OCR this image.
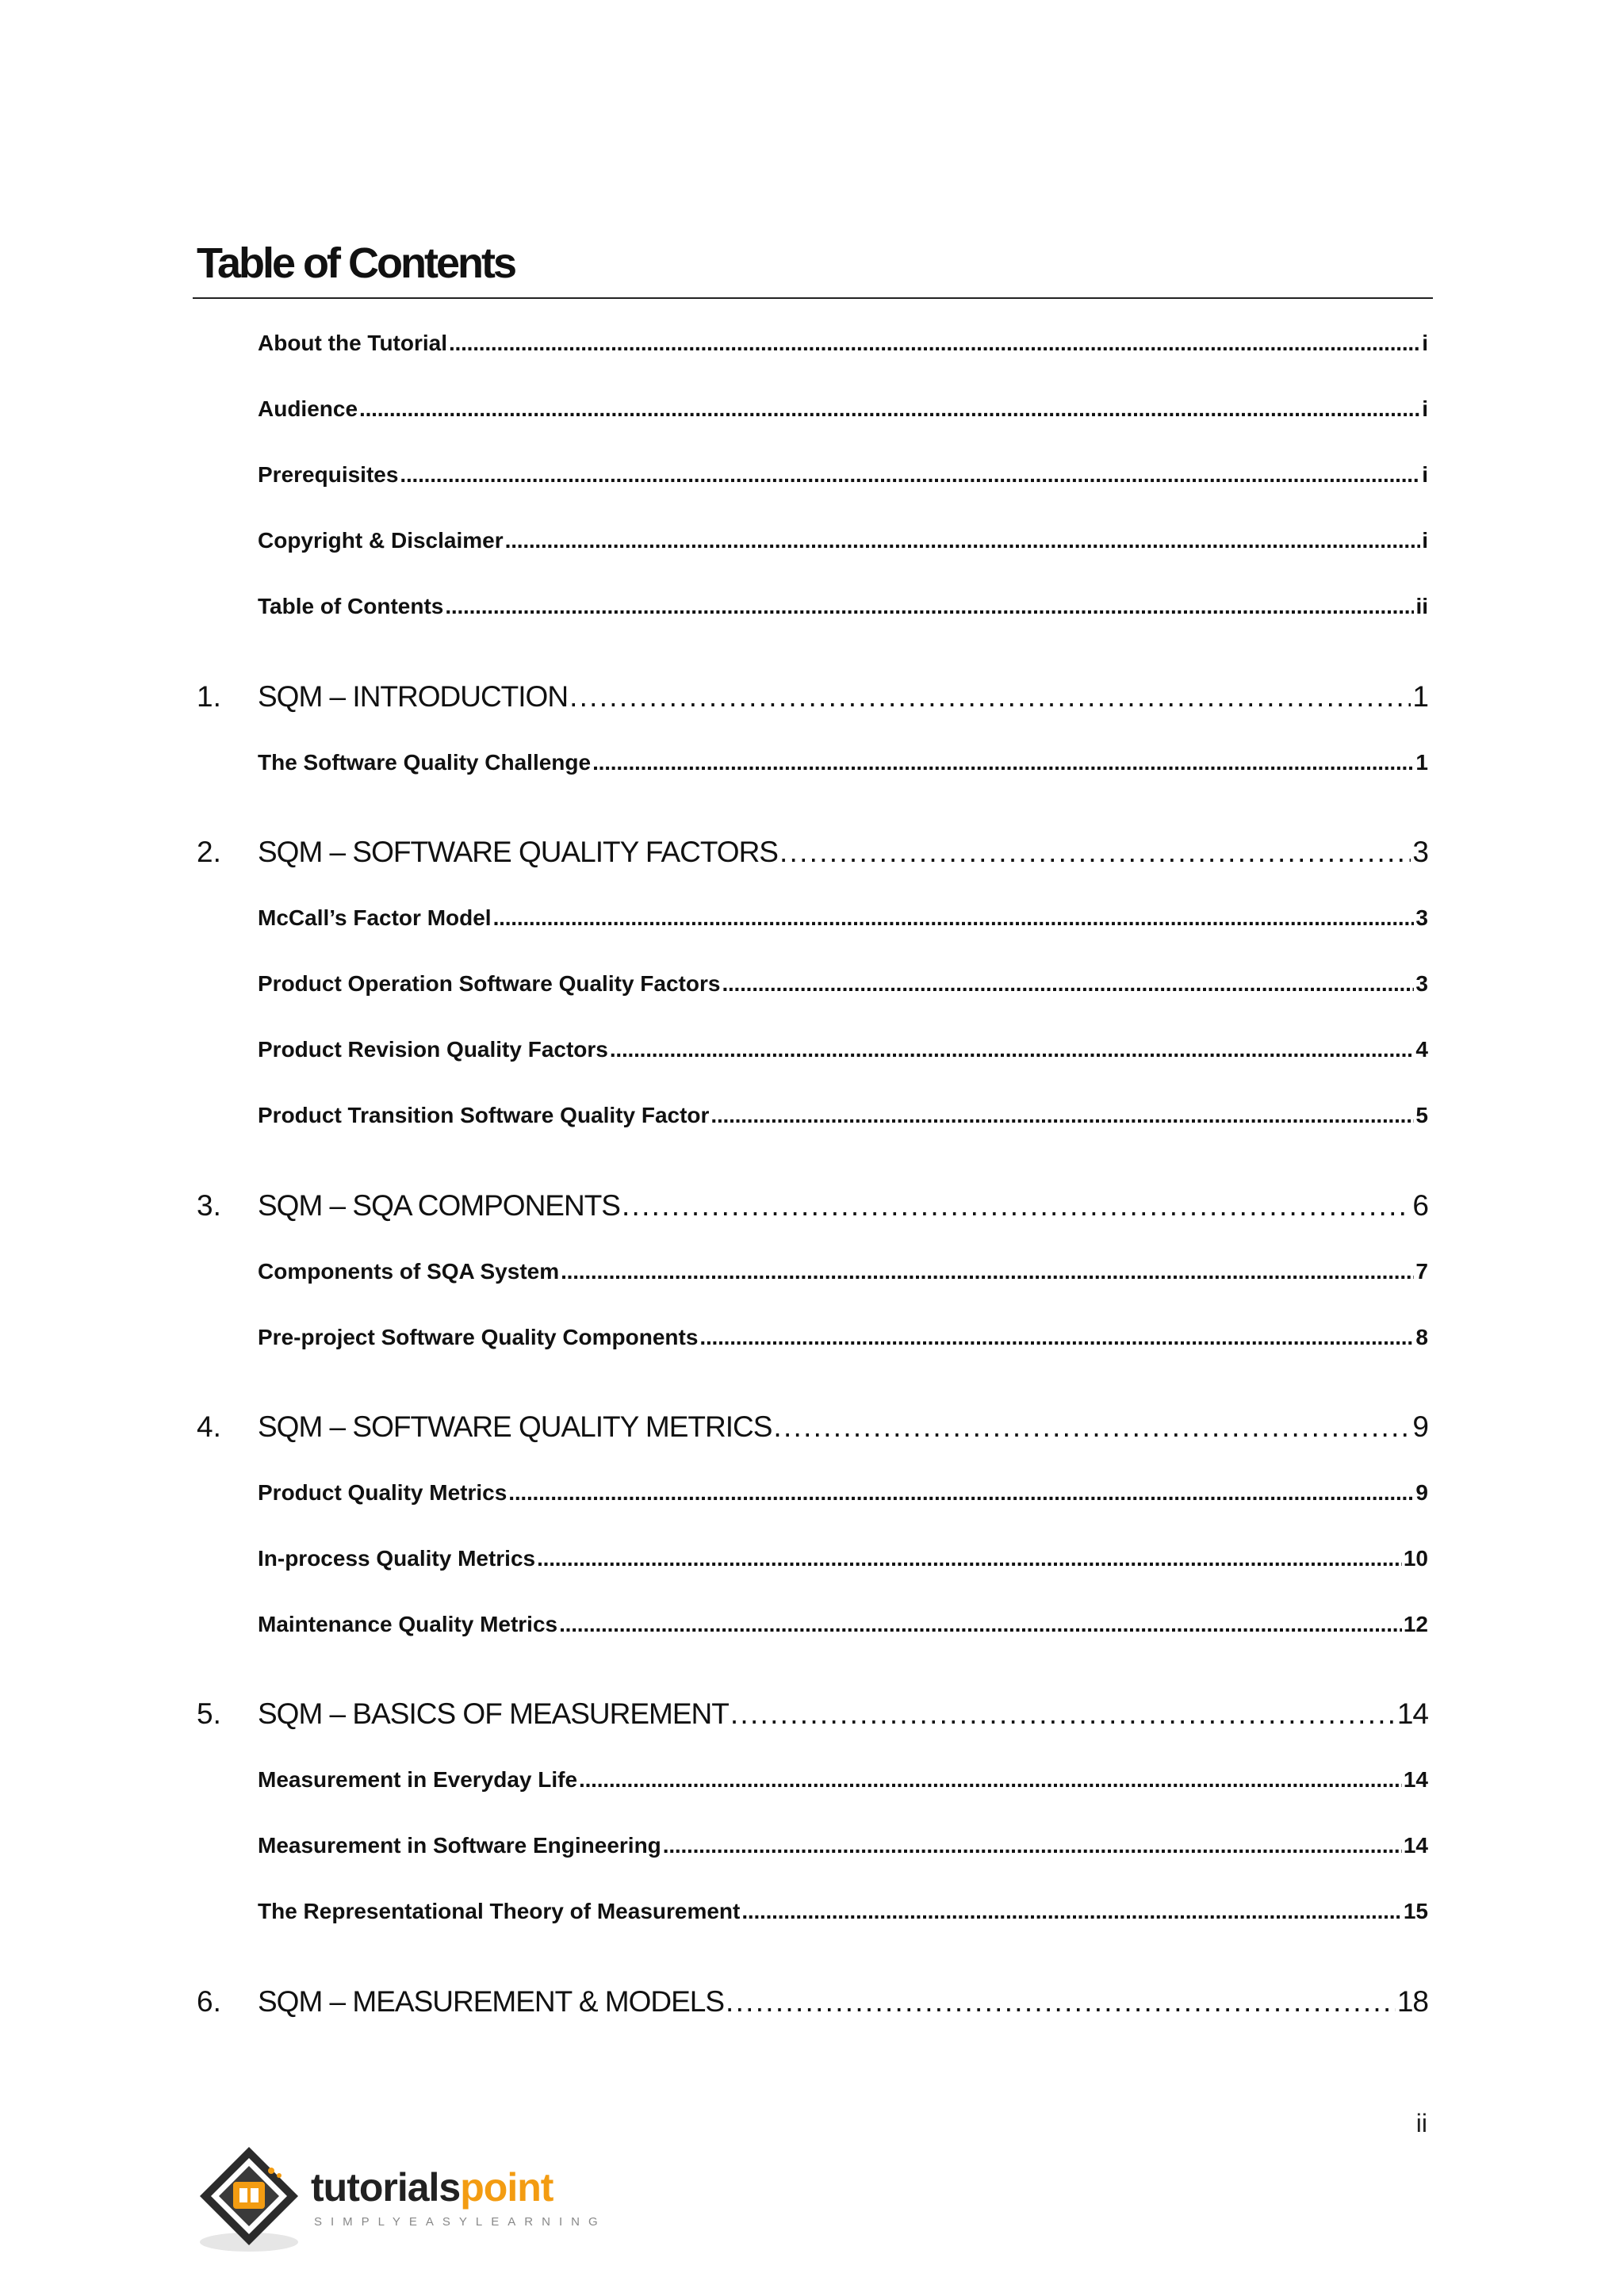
Table of Contents
About the Tutorial . . .	i
Audience . . .	i
Prerequisites . . .	i
Copyright & Disclaimer . . .	i
Table of Contents . . .	ii
1. SQM – INTRODUCTION . . .	1
The Software Quality Challenge . . .	1
2. SQM – SOFTWARE QUALITY FACTORS . . .	3
McCall’s Factor Model . . .	3
Product Operation Software Quality Factors . . .	3
Product Revision Quality Factors . . .	4
Product Transition Software Quality Factor . . .	5
3. SQM – SQA COMPONENTS . . .	6
Components of SQA System . . .	7
Pre-project Software Quality Components . . .	8
4. SQM – SOFTWARE QUALITY METRICS . . .	9
Product Quality Metrics . . .	9
In-process Quality Metrics . . .	10
Maintenance Quality Metrics . . .	12
5. SQM – BASICS OF MEASUREMENT . . .	14
Measurement in Everyday Life . . .	14
Measurement in Software Engineering . . .	14
The Representational Theory of Measurement . . .	15
6. SQM – MEASUREMENT & MODELS . . .	18
ii
tutorialspoint
SIMPLYEASYLEARNING
